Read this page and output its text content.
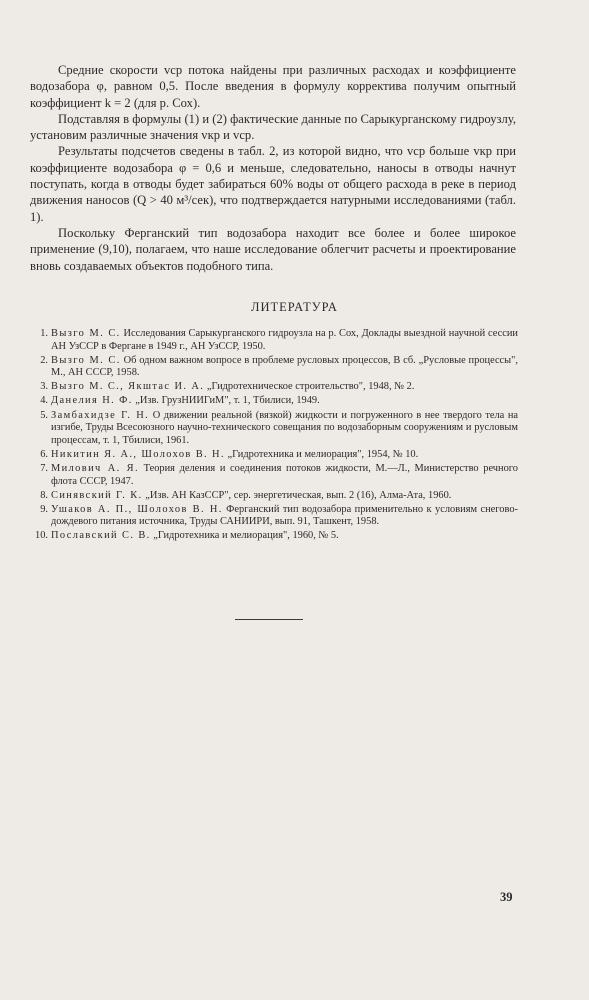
Средние скорости vср потока найдены при различных расходах и коэффициенте водозабора φ, равном 0,5. После введения в формулу корректива получим опытный коэффициент k = 2 (для р. Сох).

Подставляя в формулы (1) и (2) фактические данные по Сарыкурганскому гидроузлу, установим различные значения vкр и vср.

Результаты подсчетов сведены в табл. 2, из которой видно, что vср больше vкр при коэффициенте водозабора φ = 0,6 и меньше, следовательно, наносы в отводы начнут поступать, когда в отводы будет забираться 60% воды от общего расхода в реке в период движения наносов (Q > 40 м³/сек), что подтверждается натурными исследованиями (табл. 1).

Поскольку Ферганский тип водозабора находит все более и более широкое применение (9,10), полагаем, что наше исследование облегчит расчеты и проектирование вновь создаваемых объектов подобного типа.

ЛИТЕРАТУРА
1. Вызго М. С. Исследования Сарыкурганского гидроузла на р. Сох, Доклады выездной научной сессии АН УзССР в Фергане в 1949 г., АН УзССР, 1950.
2. Вызго М. С. Об одном важном вопросе в проблеме русловых процессов, В сб. „Русловые процессы", М., АН СССР, 1958.
3. Вызго М. С., Якштас И. А. „Гидротехническое строительство", 1948, № 2.
4. Данелия Н. Ф. „Изв. ГрузНИИГиМ", т. 1, Тбилиси, 1949.
5. Замбахидзе Г. Н. О движении реальной (вязкой) жидкости и погруженного в нее твердого тела на изгибе, Труды Всесоюзного научно-технического совещания по водозаборным сооружениям и русловым процессам, т. 1, Тбилиси, 1961.
6. Никитин Я. А., Шолохов В. Н. „Гидротехника и мелиорация", 1954, № 10.
7. Милович А. Я. Теория деления и соединения потоков жидкости, М.—Л., Министерство речного флота СССР, 1947.
8. Синявский Г. К. „Изв. АН КазССР", сер. энергетическая, вып. 2 (16), Алма-Ата, 1960.
9. Ушаков А. П., Шолохов В. Н. Ферганский тип водозабора применительно к условиям снегово-дождевого питания источника, Труды САНИИРИ, вып. 91, Ташкент, 1958.
10. Пославский С. В. „Гидротехника и мелиорация", 1960, № 5.
39
